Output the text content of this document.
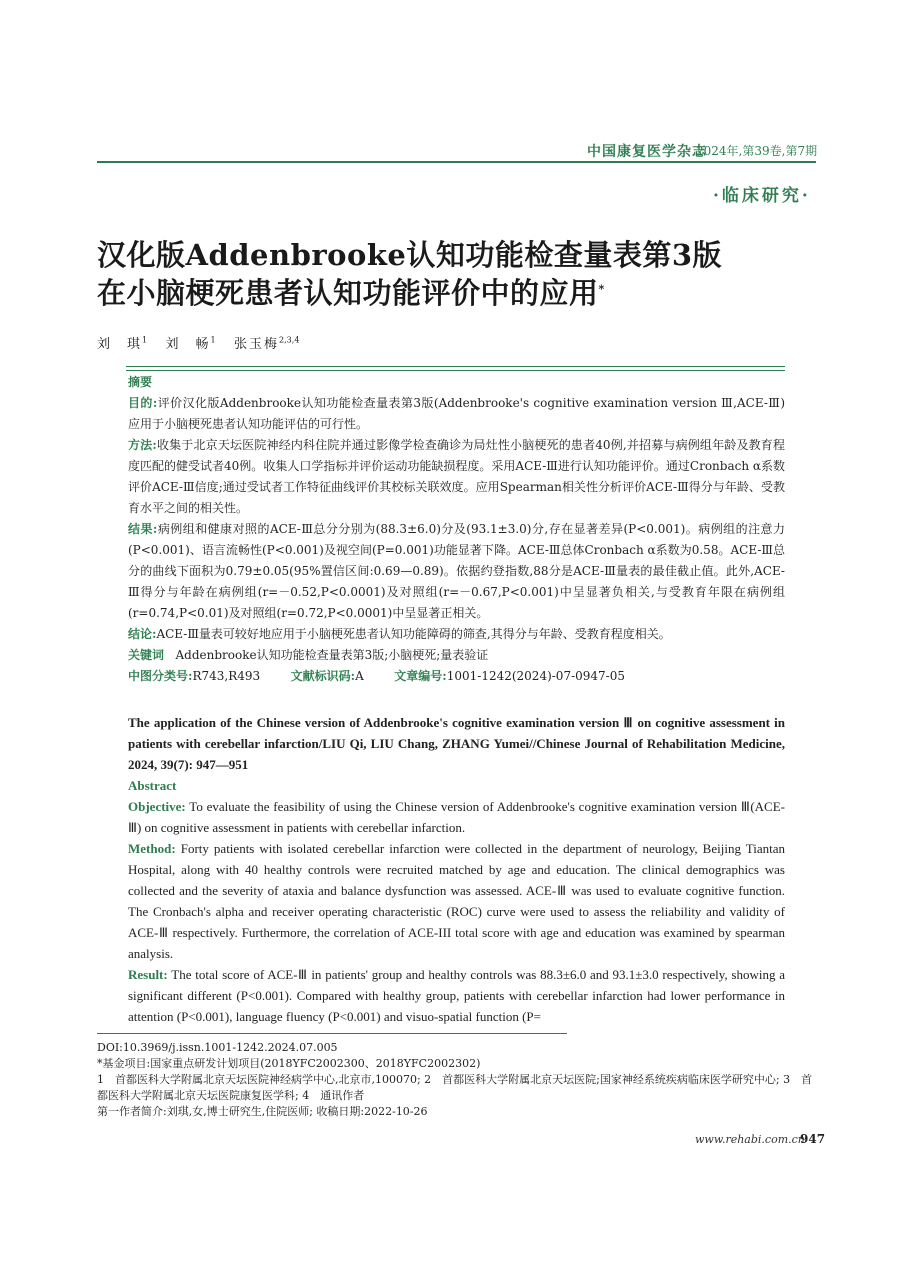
中国康复医学杂志
2024年,第39卷,第7期
·临床研究·
汉化版Addenbrooke认知功能检查量表第3版
在小脑梗死患者认知功能评价中的应用*
刘　琪$^1$ 刘　畅$^1$ 张玉梅$^{2,3,4}$

摘要

目的:评价汉化版Addenbrooke认知功能检查量表第3版(Addenbrooke's cognitive examination version Ⅲ,ACE-Ⅲ)应用于小脑梗死患者认知功能评估的可行性。

方法:收集于北京天坛医院神经内科住院并通过影像学检查确诊为局灶性小脑梗死的患者40例,并招募与病例组年龄及教育程度匹配的健受试者40例。收集人口学指标并评价运动功能缺损程度。采用ACE-Ⅲ进行认知功能评价。通过Cronbach α系数评价ACE-Ⅲ信度;通过受试者工作特征曲线评价其校标关联效度。应用Spearman相关性分析评价ACE-Ⅲ得分与年龄、受教育水平之间的相关性。

结果:病例组和健康对照的ACE-Ⅲ总分分别为(88.3±6.0)分及(93.1±3.0)分,存在显著差异(P<0.001)。病例组的注意力(P<0.001)、语言流畅性(P<0.001)及视空间(P=0.001)功能显著下降。ACE-Ⅲ总体Cronbach α系数为0.58。ACE-Ⅲ总分的曲线下面积为0.79±0.05(95%置信区间:0.69—0.89)。依据约登指数,88分是ACE-Ⅲ量表的最佳截止值。此外,ACE-Ⅲ得分与年龄在病例组(r=－0.52,P<0.0001)及对照组(r=－0.67,P<0.001)中呈显著负相关,与受教育年限在病例组(r=0.74,P<0.01)及对照组(r=0.72,P<0.0001)中呈显著正相关。

结论:ACE-Ⅲ量表可较好地应用于小脑梗死患者认知功能障碍的筛查,其得分与年龄、受教育程度相关。

关键词 Addenbrooke认知功能检查量表第3版;小脑梗死;量表验证

中图分类号:R743,R493	文献标识码:A	文章编号:1001-1242(2024)-07-0947-05

The application of the Chinese version of Addenbrooke's cognitive examination version Ⅲ on cognitive assessment in patients with cerebellar infarction/LIU Qi, LIU Chang, ZHANG Yumei//Chinese Journal of Rehabilitation Medicine, 2024, 39(7): 947—951

Abstract

Objective: To evaluate the feasibility of using the Chinese version of Addenbrooke's cognitive examination version Ⅲ(ACE-Ⅲ) on cognitive assessment in patients with cerebellar infarction.

Method: Forty patients with isolated cerebellar infarction were collected in the department of neurology, Beijing Tiantan Hospital, along with 40 healthy controls were recruited matched by age and education. The clinical demographics was collected and the severity of ataxia and balance dysfunction was assessed. ACE-Ⅲ was used to evaluate cognitive function. The Cronbach's alpha and receiver operating characteristic (ROC) curve were used to assess the reliability and validity of ACE-Ⅲ respectively. Furthermore, the correlation of ACE-III total score with age and education was examined by spearman analysis.

Result: The total score of ACE-Ⅲ in patients' group and healthy controls was 88.3±6.0 and 93.1±3.0 respectively, showing a significant different (P<0.001). Compared with healthy group, patients with cerebellar infarction had lower performance in attention (P<0.001), language fluency (P<0.001) and visuo-spatial function (P=

DOI:10.3969/j.issn.1001-1242.2024.07.005

*基金项目:国家重点研发计划项目(2018YFC2002300、2018YFC2002302)

1　首都医科大学附属北京天坛医院神经病学中心,北京市,100070; 2　首都医科大学附属北京天坛医院;国家神经系统疾病临床医学研究中心; 3　首都医科大学附属北京天坛医院康复医学科; 4　通讯作者

第一作者简介:刘琪,女,博士研究生,住院医师; 收稿日期:2022-10-26

www.rehabi.com.cn
947
